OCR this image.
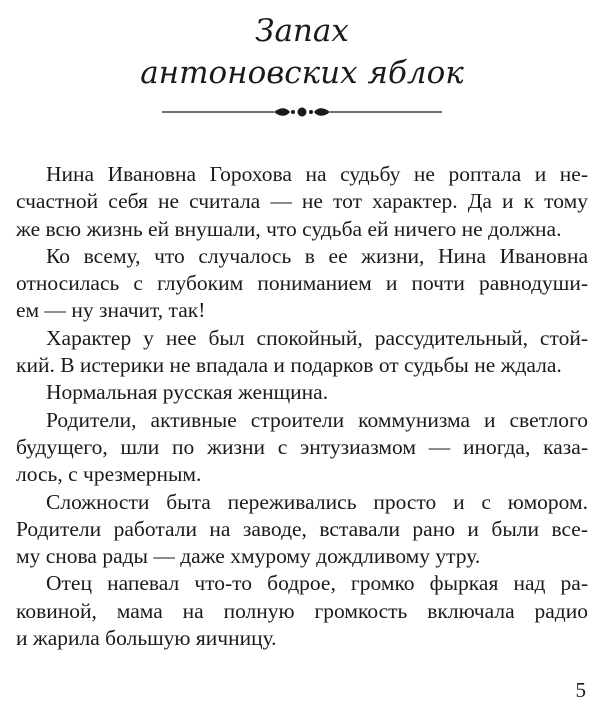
Запах
антоновских яблок
Нина Ивановна Горохова на судьбу не роптала и не-
счастной себя не считала — не тот характер. Да и к тому
же всю жизнь ей внушали, что судьба ей ничего не должна.
Ко всему, что случалось в ее жизни, Нина Ивановна
относилась с глубоким пониманием и почти равнодуши-
ем — ну значит, так!
Характер у нее был спокойный, рассудительный, стой-
кий. В истерики не впадала и подарков от судьбы не ждала.
Нормальная русская женщина.
Родители, активные строители коммунизма и светлого
будущего, шли по жизни с энтузиазмом — иногда, каза-
лось, с чрезмерным.
Сложности быта переживались просто и с юмором.
Родители работали на заводе, вставали рано и были все-
му снова рады — даже хмурому дождливому утру.
Отец напевал что-то бодрое, громко фыркая над ра-
ковиной, мама на полную громкость включала радио
и жарила большую яичницу.
5
